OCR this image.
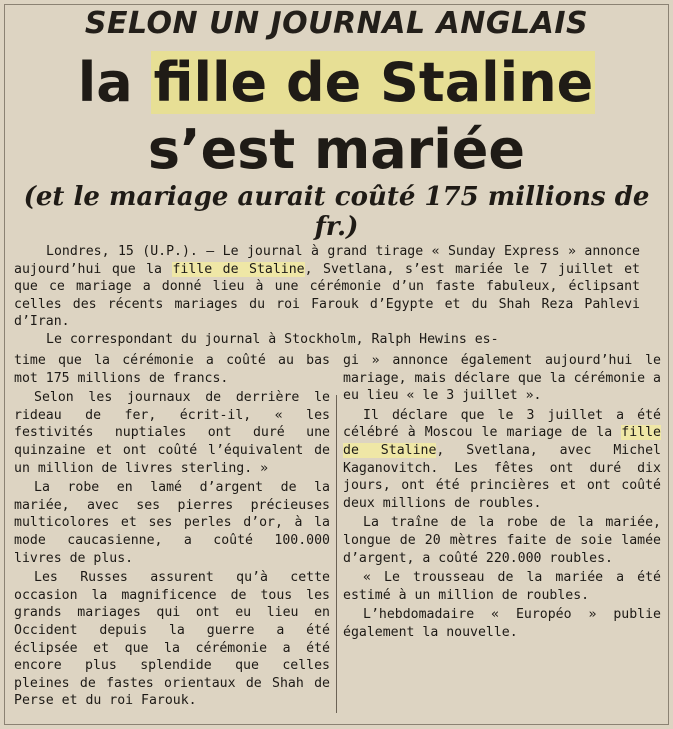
SELON UN JOURNAL ANGLAIS
la fille de Staline
s’est mariée
(et le mariage aurait coûté 175 millions de fr.)

Londres, 15 (U.P.). — Le journal à grand tirage « Sunday Express » annonce aujourd’hui que la fille de Staline, Svetlana, s’est mariée le 7 juillet et que ce mariage a donné lieu à une cérémonie d’un faste fabuleux, éclipsant celles des récents mariages du roi Farouk d’Egypte et du Shah Reza Pahlevi d’Iran.

Le correspondant du journal à Stockholm, Ralph Hewins es-

time que la cérémonie a coûté au bas mot 175 millions de francs.

Selon les journaux de derrière le rideau de fer, écrit-il, « les festivités nuptiales ont duré une quinzaine et ont coûté l’équivalent de un million de livres sterling. »

La robe en lamé d’argent de la mariée, avec ses pierres précieuses multicolores et ses perles d’or, à la mode caucasienne, a coûté 100.000 livres de plus.

Les Russes assurent qu’à cette occasion la magnificence de tous les grands mariages qui ont eu lieu en Occident depuis la guerre a été éclipsée et que la cérémonie a été encore plus splendide que celles pleines de fastes orientaux de Shah de Perse et du roi Farouk.

gi » annonce également aujourd’hui le mariage, mais déclare que la cérémonie a eu lieu « le 3 juillet ».

Il déclare que le 3 juillet a été célébré à Moscou le mariage de la fille de Staline, Svetlana, avec Michel Kaganovitch. Les fêtes ont duré dix jours, ont été princières et ont coûté deux millions de roubles.

La traîne de la robe de la mariée, longue de 20 mètres faite de soie lamée d’argent, a coûté 220.000 roubles.

« Le trousseau de la mariée a été estimé à un million de roubles.

L’hebdomadaire « Européo » publie également la nouvelle.
